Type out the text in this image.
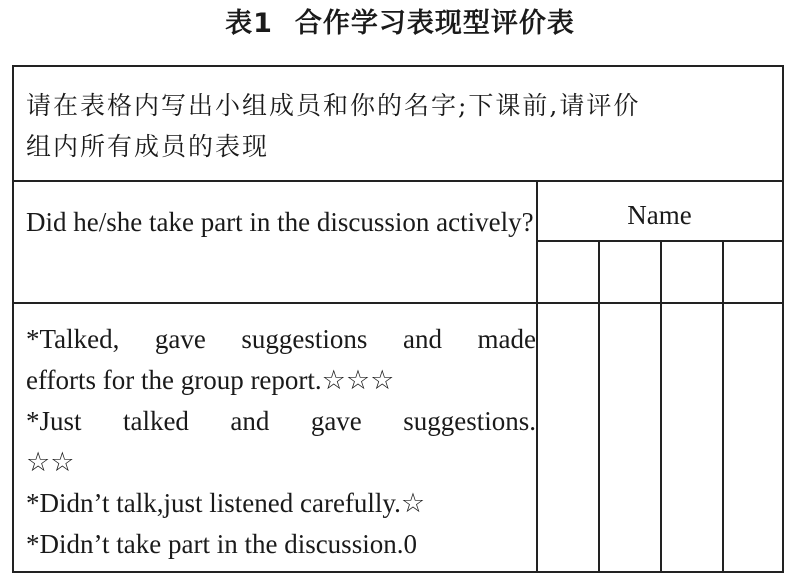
表1 合作学习表现型评价表
请在表格内写出小组成员和你的名字;下课前,请评价
组内所有成员的表现
Did he/she take part in the discussion actively?	Name
*Talked, gave suggestions and made
efforts for the group report.☆☆☆
*Just talked and gave suggestions.
☆☆
*Didn’t talk,just listened carefully.☆
*Didn’t take part in the discussion.0
